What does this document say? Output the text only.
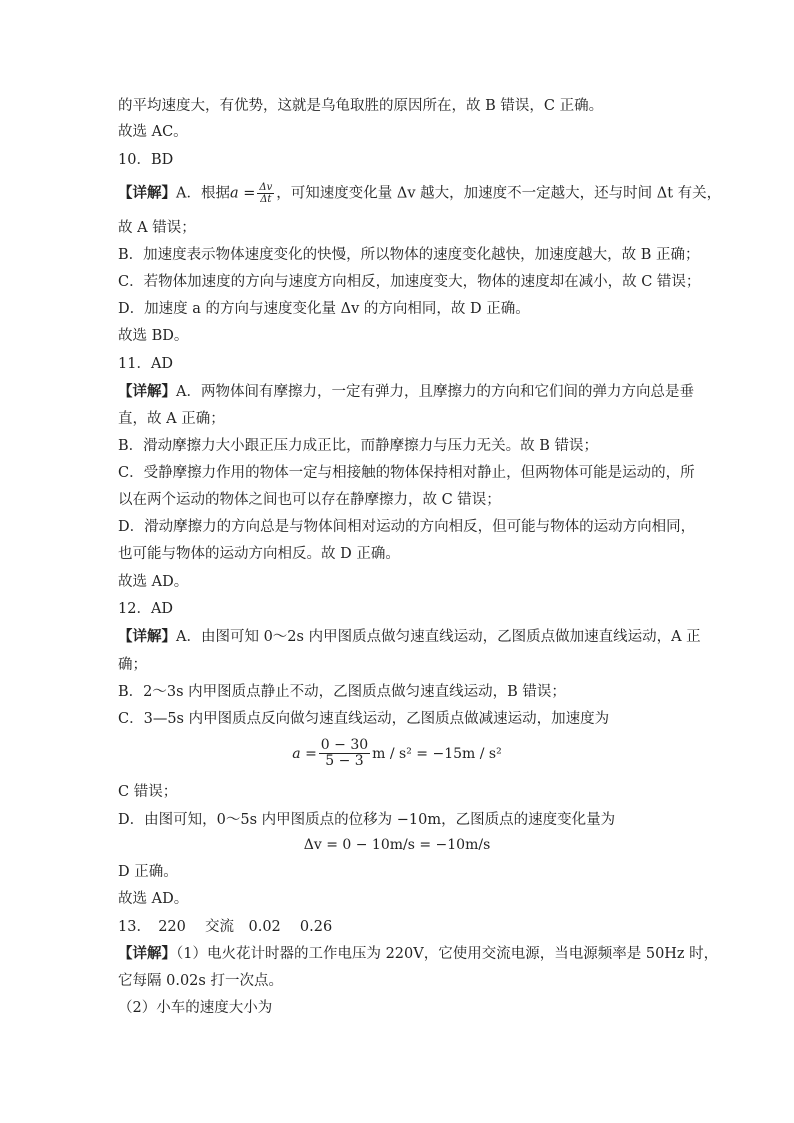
的平均速度大，有优势，这就是乌龟取胜的原因所在，故 B 错误，C 正确。
故选 AC。
10．BD
【详解】A．根据$a = \frac{\Delta v}{\Delta t}$ ，可知速度变化量 Δv 越大，加速度不一定越大，还与时间 Δt 有关，
故 A 错误；
B．加速度表示物体速度变化的快慢，所以物体的速度变化越快，加速度越大，故 B 正确；
C．若物体加速度的方向与速度方向相反，加速度变大，物体的速度却在减小，故 C 错误；
D．加速度 a 的方向与速度变化量 Δv 的方向相同，故 D 正确。
故选 BD。
11．AD
【详解】A．两物体间有摩擦力，一定有弹力，且摩擦力的方向和它们间的弹力方向总是垂
直，故 A 正确；
B．滑动摩擦力大小跟正压力成正比，而静摩擦力与压力无关。故 B 错误；
C．受静摩擦力作用的物体一定与相接触的物体保持相对静止，但两物体可能是运动的，所
以在两个运动的物体之间也可以存在静摩擦力，故 C 错误；
D．滑动摩擦力的方向总是与物体间相对运动的方向相反，但可能与物体的运动方向相同，
也可能与物体的运动方向相反。故 D 正确。
故选 AD。
12．AD
【详解】A．由图可知 0～2s 内甲图质点做匀速直线运动，乙图质点做加速直线运动，A 正
确；
B．2～3s 内甲图质点静止不动，乙图质点做匀速直线运动，B 错误；
C．3—5s 内甲图质点反向做匀速直线运动，乙图质点做减速运动，加速度为
$a = \frac{0 - 30}{5 - 3}$ m / s² = −15m / s²
C 错误；
D．由图可知，0～5s 内甲图质点的位移为 −10m，乙图质点的速度变化量为
Δv = 0 − 10m/s = −10m/s
D 正确。
故选 AD。
13．　220　 交流　0.02　 0.26
【详解】（1）电火花计时器的工作电压为 220V，它使用交流电源，当电源频率是 50Hz 时，
它每隔 0.02s 打一次点。
（2）小车的速度大小为
